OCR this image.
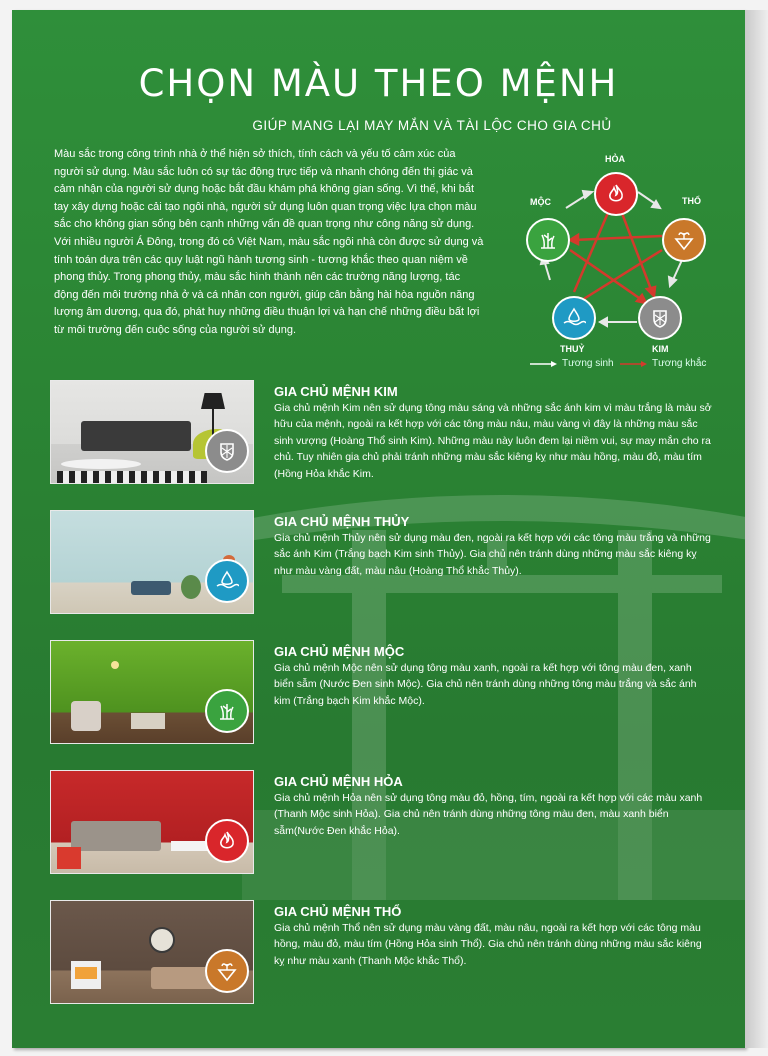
CHỌN MÀU THEO MỆNH
GIÚP MANG LẠI MAY MẮN VÀ TÀI LỘC CHO GIA CHỦ

Màu sắc trong công trình nhà ở thể hiện sở thích, tính cách và yếu tố cảm xúc của người sử dụng. Màu sắc luôn có sự tác động trực tiếp và nhanh chóng đến thị giác và cảm nhận của người sử dụng hoặc bắt đầu khám phá không gian sống. Vì thế, khi bắt tay xây dựng hoặc cải tạo ngôi nhà, người sử dụng luôn quan trọng việc lựa chọn màu sắc cho không gian sống bên cạnh những vấn đề quan trọng như công năng sử dụng.

Với nhiều người Á Đông, trong đó có Việt Nam, màu sắc ngôi nhà còn được sử dụng và tính toán dựa trên các quy luật ngũ hành tương sinh - tương khắc theo quan niệm về phong thủy. Trong phong thủy, màu sắc hình thành nên các trường năng lượng, tác động đến môi trường nhà ở và cá nhân con người, giúp cân bằng hài hòa nguồn năng lượng âm dương, qua đó, phát huy những điều thuận lợi và hạn chế những điều bất lợi từ môi trường đến cuộc sống của người sử dụng.

HỎA
THỔ
KIM
THUỶ
MỘC
Tương sinh	Tương khắc
GIA CHỦ MỆNH KIM
Gia chủ mệnh Kim nên sử dụng tông màu sáng và những sắc ánh kim vì màu trắng là màu sở hữu của mệnh, ngoài ra kết hợp với các tông màu nâu, màu vàng vì đây là những màu sắc sinh vượng (Hoàng Thổ sinh Kim). Những màu này luôn đem lại niềm vui, sự may mắn cho ra chủ. Tuy nhiên gia chủ phải tránh những màu sắc kiêng kỵ như màu hồng, màu đỏ, màu tím (Hồng Hỏa khắc Kim.
GIA CHỦ MỆNH THỦY
Gia chủ mệnh Thủy nên sử dụng màu đen, ngoài ra kết hợp với các tông màu trắng và những sắc ánh Kim (Trắng bạch Kim sinh Thủy). Gia chủ nên tránh dùng những màu sắc kiêng kỵ như màu vàng đất, màu nâu (Hoàng Thổ khắc Thủy).
GIA CHỦ MỆNH MỘC
Gia chủ mệnh Mộc nên sử dụng tông màu xanh, ngoài ra kết hợp với tông màu đen, xanh biển sẫm (Nước Đen sinh Mộc). Gia chủ nên tránh dùng những tông màu trắng và sắc ánh kim (Trắng bạch Kim khắc Mộc).
GIA CHỦ MỆNH HỎA
Gia chủ mệnh Hỏa nên sử dụng tông màu đỏ, hồng, tím, ngoài ra kết hợp với các màu xanh (Thanh Mộc sinh Hỏa). Gia chủ nên tránh dùng những tông màu đen, màu xanh biển sẫm(Nước Đen khắc Hỏa).
GIA CHỦ MỆNH THỔ
Gia chủ mệnh Thổ nên sử dụng màu vàng đất, màu nâu, ngoài ra kết hợp với các tông màu hồng, màu đỏ, màu tím (Hồng Hỏa sinh Thổ). Gia chủ nên tránh dùng những màu sắc kiêng kỵ như màu xanh (Thanh Mộc khắc Thổ).
